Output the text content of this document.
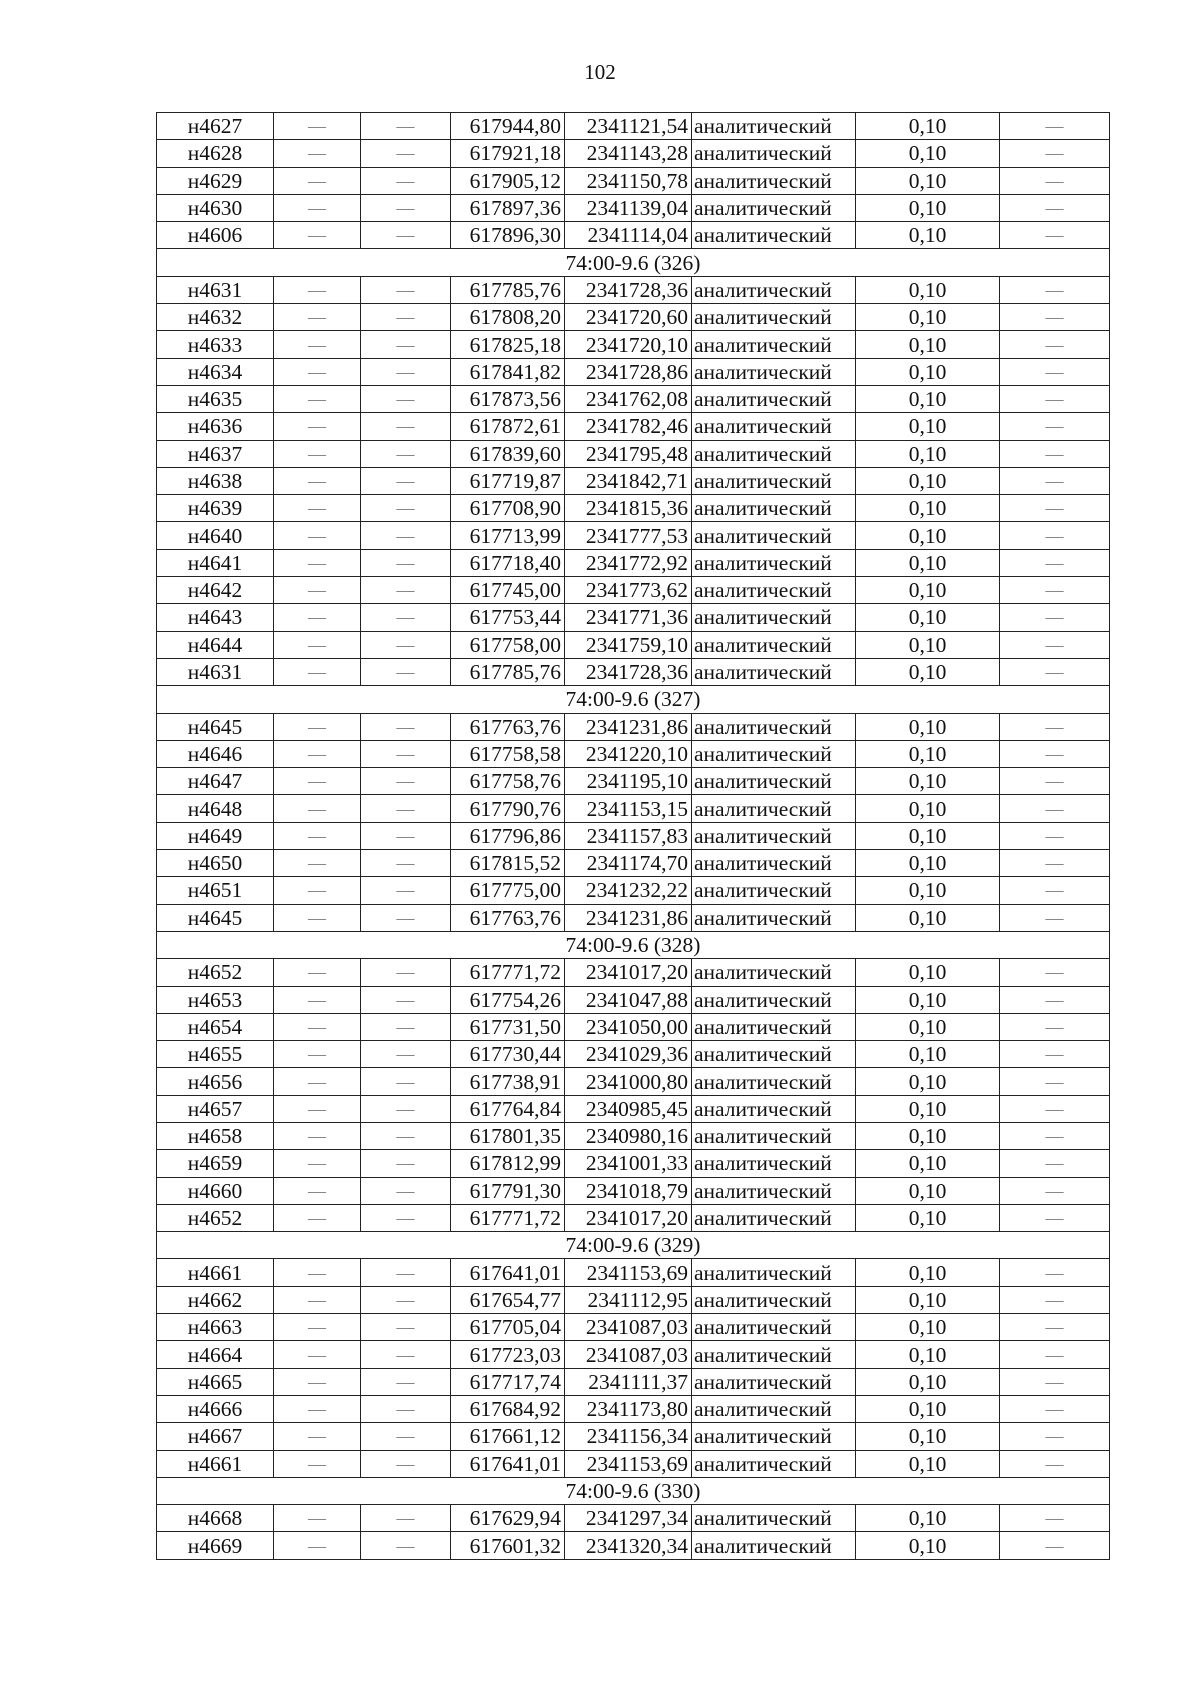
102
н4627	—	—	617944,80	2341121,54	аналитический	0,10	—
н4628	—	—	617921,18	2341143,28	аналитический	0,10	—
н4629	—	—	617905,12	2341150,78	аналитический	0,10	—
н4630	—	—	617897,36	2341139,04	аналитический	0,10	—
н4606	—	—	617896,30	2341114,04	аналитический	0,10	—
74:00-9.6 (326)							
н4631	—	—	617785,76	2341728,36	аналитический	0,10	—
н4632	—	—	617808,20	2341720,60	аналитический	0,10	—
н4633	—	—	617825,18	2341720,10	аналитический	0,10	—
н4634	—	—	617841,82	2341728,86	аналитический	0,10	—
н4635	—	—	617873,56	2341762,08	аналитический	0,10	—
н4636	—	—	617872,61	2341782,46	аналитический	0,10	—
н4637	—	—	617839,60	2341795,48	аналитический	0,10	—
н4638	—	—	617719,87	2341842,71	аналитический	0,10	—
н4639	—	—	617708,90	2341815,36	аналитический	0,10	—
н4640	—	—	617713,99	2341777,53	аналитический	0,10	—
н4641	—	—	617718,40	2341772,92	аналитический	0,10	—
н4642	—	—	617745,00	2341773,62	аналитический	0,10	—
н4643	—	—	617753,44	2341771,36	аналитический	0,10	—
н4644	—	—	617758,00	2341759,10	аналитический	0,10	—
н4631	—	—	617785,76	2341728,36	аналитический	0,10	—
74:00-9.6 (327)							
н4645	—	—	617763,76	2341231,86	аналитический	0,10	—
н4646	—	—	617758,58	2341220,10	аналитический	0,10	—
н4647	—	—	617758,76	2341195,10	аналитический	0,10	—
н4648	—	—	617790,76	2341153,15	аналитический	0,10	—
н4649	—	—	617796,86	2341157,83	аналитический	0,10	—
н4650	—	—	617815,52	2341174,70	аналитический	0,10	—
н4651	—	—	617775,00	2341232,22	аналитический	0,10	—
н4645	—	—	617763,76	2341231,86	аналитический	0,10	—
74:00-9.6 (328)							
н4652	—	—	617771,72	2341017,20	аналитический	0,10	—
н4653	—	—	617754,26	2341047,88	аналитический	0,10	—
н4654	—	—	617731,50	2341050,00	аналитический	0,10	—
н4655	—	—	617730,44	2341029,36	аналитический	0,10	—
н4656	—	—	617738,91	2341000,80	аналитический	0,10	—
н4657	—	—	617764,84	2340985,45	аналитический	0,10	—
н4658	—	—	617801,35	2340980,16	аналитический	0,10	—
н4659	—	—	617812,99	2341001,33	аналитический	0,10	—
н4660	—	—	617791,30	2341018,79	аналитический	0,10	—
н4652	—	—	617771,72	2341017,20	аналитический	0,10	—
74:00-9.6 (329)							
н4661	—	—	617641,01	2341153,69	аналитический	0,10	—
н4662	—	—	617654,77	2341112,95	аналитический	0,10	—
н4663	—	—	617705,04	2341087,03	аналитический	0,10	—
н4664	—	—	617723,03	2341087,03	аналитический	0,10	—
н4665	—	—	617717,74	2341111,37	аналитический	0,10	—
н4666	—	—	617684,92	2341173,80	аналитический	0,10	—
н4667	—	—	617661,12	2341156,34	аналитический	0,10	—
н4661	—	—	617641,01	2341153,69	аналитический	0,10	—
74:00-9.6 (330)							
н4668	—	—	617629,94	2341297,34	аналитический	0,10	—
н4669	—	—	617601,32	2341320,34	аналитический	0,10	—
